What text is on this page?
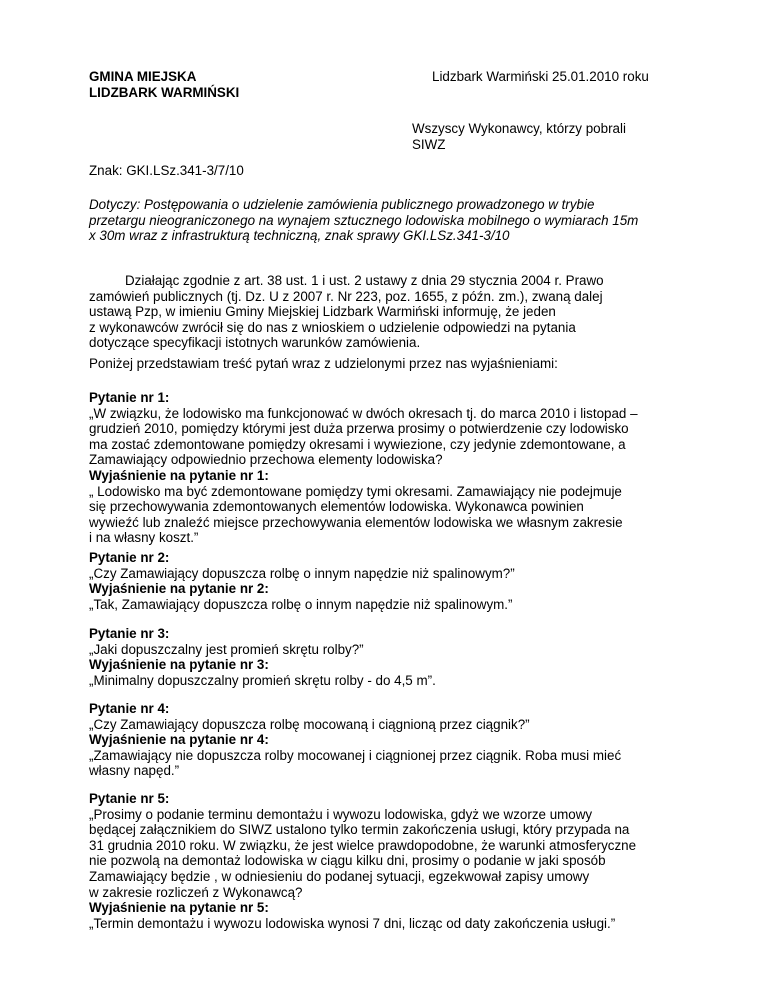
GMINA MIEJSKA
LIDZBARK WARMIŃSKI
Lidzbark Warmiński 25.01.2010 roku
Wszyscy Wykonawcy, którzy pobrali
SIWZ
Znak: GKI.LSz.341-3/7/10
Dotyczy: Postępowania o udzielenie zamówienia publicznego prowadzonego w trybie
przetargu nieograniczonego na wynajem sztucznego lodowiska mobilnego o wymiarach 15m
x 30m wraz z infrastrukturą techniczną, znak sprawy GKI.LSz.341-3/10
Działając zgodnie z art. 38 ust. 1 i ust. 2 ustawy z dnia 29 stycznia 2004 r. Prawo
zamówień publicznych (tj. Dz. U z 2007 r. Nr 223, poz. 1655, z późn. zm.), zwaną dalej
ustawą Pzp, w imieniu Gminy Miejskiej Lidzbark Warmiński informuję, że jeden
z wykonawców zwrócił się do nas z wnioskiem o udzielenie odpowiedzi na pytania
dotyczące specyfikacji istotnych warunków zamówienia.
Poniżej przedstawiam treść pytań wraz z udzielonymi przez nas wyjaśnieniami:
Pytanie nr 1:
„W związku, że lodowisko ma funkcjonować w dwóch okresach tj. do marca 2010 i listopad –
grudzień 2010, pomiędzy którymi jest duża przerwa prosimy o potwierdzenie czy lodowisko
ma zostać zdemontowane pomiędzy okresami i wywiezione, czy jedynie zdemontowane, a
Zamawiający odpowiednio przechowa elementy lodowiska?
Wyjaśnienie na pytanie nr 1:
„ Lodowisko ma być zdemontowane pomiędzy tymi okresami. Zamawiający nie podejmuje
się przechowywania zdemontowanych elementów lodowiska. Wykonawca powinien
wywieźć lub znaleźć miejsce przechowywania elementów lodowiska we własnym zakresie
i na własny koszt.”
Pytanie nr 2:
„Czy Zamawiający dopuszcza rolbę o innym napędzie niż spalinowym?”
Wyjaśnienie na pytanie nr 2:
„Tak, Zamawiający dopuszcza rolbę o innym napędzie niż spalinowym.”
Pytanie nr 3:
„Jaki dopuszczalny jest promień skrętu rolby?”
Wyjaśnienie na pytanie nr 3:
„Minimalny dopuszczalny promień skrętu rolby - do 4,5 m”.
Pytanie nr 4:
„Czy Zamawiający dopuszcza rolbę mocowaną i ciągnioną przez ciągnik?”
Wyjaśnienie na pytanie nr 4:
„Zamawiający nie dopuszcza rolby mocowanej i ciągnionej przez ciągnik. Roba musi mieć
własny napęd.”
Pytanie nr 5:
„Prosimy o podanie terminu demontażu i wywozu lodowiska, gdyż we wzorze umowy
będącej załącznikiem do SIWZ ustalono tylko termin zakończenia usługi, który przypada na
31 grudnia 2010 roku. W związku, że jest wielce prawdopodobne, że warunki atmosferyczne
nie pozwolą na demontaż lodowiska w ciągu kilku dni, prosimy o podanie w jaki sposób
Zamawiający będzie , w odniesieniu do podanej sytuacji, egzekwował zapisy umowy
w zakresie rozliczeń z Wykonawcą?
Wyjaśnienie na pytanie nr 5:
„Termin demontażu i wywozu lodowiska wynosi 7 dni, licząc od daty zakończenia usługi.”
